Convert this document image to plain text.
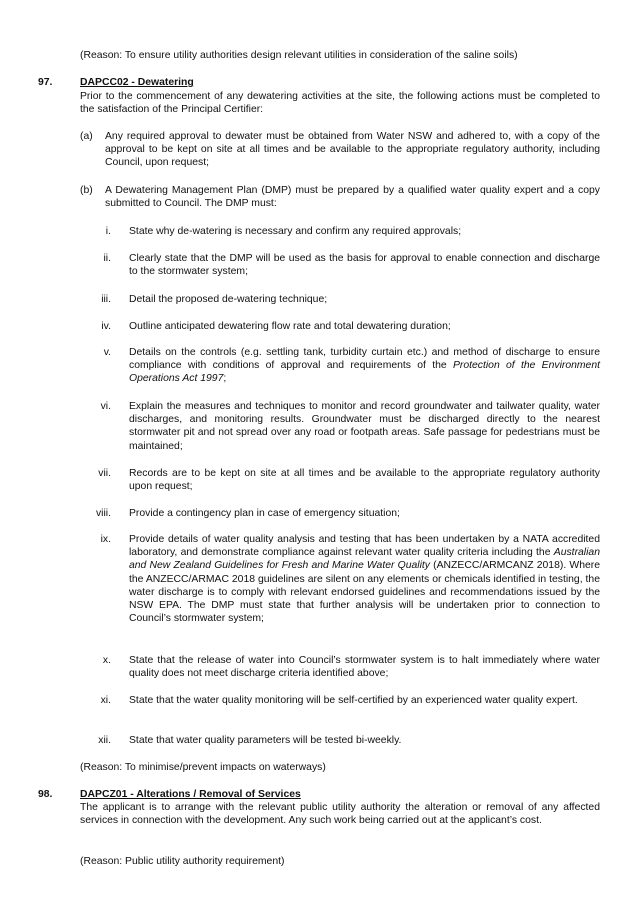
(Reason: To ensure utility authorities design relevant utilities in consideration of the saline soils)
97.	DAPCC02 - Dewatering
Prior to the commencement of any dewatering activities at the site, the following actions must be completed to the satisfaction of the Principal Certifier:
(a) Any required approval to dewater must be obtained from Water NSW and adhered to, with a copy of the approval to be kept on site at all times and be available to the appropriate regulatory authority, including Council, upon request;
(b) A Dewatering Management Plan (DMP) must be prepared by a qualified water quality expert and a copy submitted to Council. The DMP must:
i. State why de-watering is necessary and confirm any required approvals;
ii. Clearly state that the DMP will be used as the basis for approval to enable connection and discharge to the stormwater system;
iii. Detail the proposed de-watering technique;
iv. Outline anticipated dewatering flow rate and total dewatering duration;
v. Details on the controls (e.g. settling tank, turbidity curtain etc.) and method of discharge to ensure compliance with conditions of approval and requirements of the Protection of the Environment Operations Act 1997;
vi. Explain the measures and techniques to monitor and record groundwater and tailwater quality, water discharges, and monitoring results. Groundwater must be discharged directly to the nearest stormwater pit and not spread over any road or footpath areas. Safe passage for pedestrians must be maintained;
vii. Records are to be kept on site at all times and be available to the appropriate regulatory authority upon request;
viii. Provide a contingency plan in case of emergency situation;
ix. Provide details of water quality analysis and testing that has been undertaken by a NATA accredited laboratory, and demonstrate compliance against relevant water quality criteria including the Australian and New Zealand Guidelines for Fresh and Marine Water Quality (ANZECC/ARMCANZ 2018). Where the ANZECC/ARMAC 2018 guidelines are silent on any elements or chemicals identified in testing, the water discharge is to comply with relevant endorsed guidelines and recommendations issued by the NSW EPA. The DMP must state that further analysis will be undertaken prior to connection to Council’s stormwater system;
x. State that the release of water into Council’s stormwater system is to halt immediately where water quality does not meet discharge criteria identified above;
xi. State that the water quality monitoring will be self-certified by an experienced water quality expert.
xii. State that water quality parameters will be tested bi-weekly.
(Reason: To minimise/prevent impacts on waterways)
98.	DAPCZ01 - Alterations / Removal of Services
The applicant is to arrange with the relevant public utility authority the alteration or removal of any affected services in connection with the development. Any such work being carried out at the applicant’s cost.
(Reason: Public utility authority requirement)
